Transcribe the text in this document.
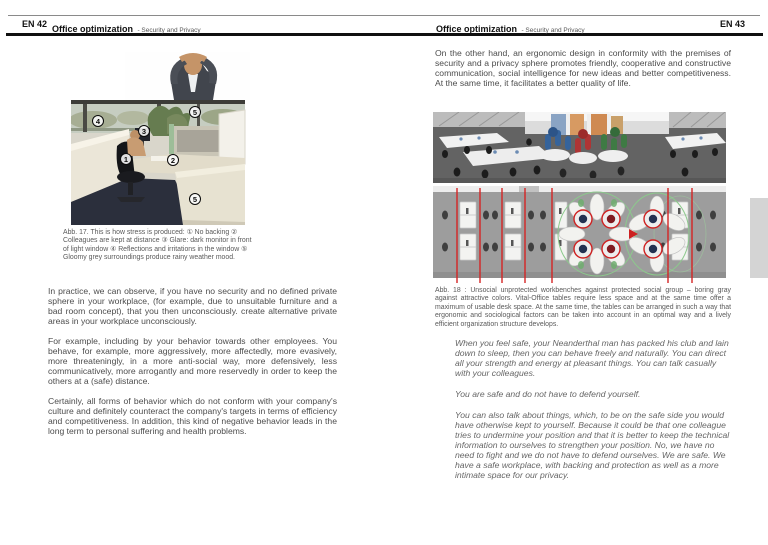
EN 42 Office optimization - Security and Privacy	Office optimization - Security and Privacy
EN 43
1	2
3
4
5
5
Abb. 17. This is how stress is produced: ① No backing ② Colleagues are kept at distance ③ Glare: dark monitor in front of light window ④ Reflections and irritations in the window ⑤ Gloomy grey surroundings produce rainy weather mood.

In practice, we can observe, if you have no security and no defined private sphere in your workplace, (for example, due to unsuitable furniture and a bad room concept), that you then unconsciously. create alternative private areas in your workplace unconsciously.

For example, including by your behavior towards other employees. You behave, for example, more aggressively, more affectedly, more evasively, more threateningly, in a more anti-social way, more defensively, less communicatively, more arrogantly and more reservedly in order to keep the others at a (safe) distance.

Certainly, all forms of behavior which do not conform with your company's culture and definitely counteract the company's targets in terms of efficiency and competitiveness. In addition, this kind of negative behavior leads in the long term to personal suffering and health problems.

On the other hand, an ergonomic design in conformity with the premises of security and a privacy sphere promotes friendly, cooperative and constructive communication, social intelligence for new ideas and better competitiveness. At the same time, it facilitates a better quality of life.

Abb. 18 : Unsocial unprotected workbenches against protected social group – boring gray against attractive colors. Vital-Office tables require less space and at the same time offer a maximum of usable desk space. At the same time, the tables can be arranged in such a way that ergonomic and sociological factors can be taken into account in an optimal way and a lively efficient organization structure develops.

When you feel safe, your Neanderthal man has packed his club and lain down to sleep, then you can behave freely and naturally. You can direct all your strength and energy at pleasant things. You can talk casually with your colleagues.

You are safe and do not have to defend yourself.

You can also talk about things, which, to be on the safe side you would have otherwise kept to yourself. Because it could be that one colleague tries to undermine your position and that it is better to keep the technical information to ourselves to strengthen your position. No, we have no need to fight and we do not have to defend ourselves. We are safe. We have a safe workplace, with backing and protection as well as a more intimate space for our privacy.
